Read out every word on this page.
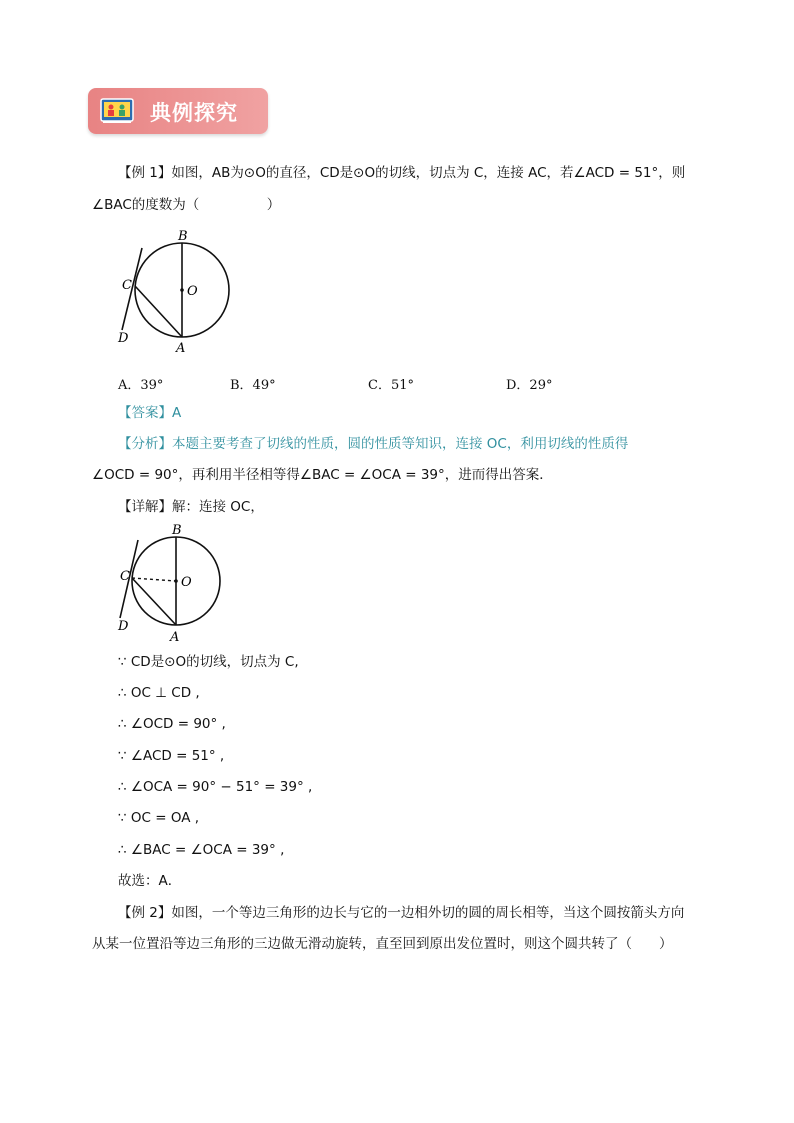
典例探究
【例 1】如图，AB为⊙O的直径，CD是⊙O的切线，切点为 C，连接 AC，若∠ACD = 51°，则
∠BAC的度数为（　　　　　）
B
C	O
D
A
A．39°	B．49°	C．51°	D．29°
【答案】A
【分析】本题主要考查了切线的性质，圆的性质等知识，连接 OC，利用切线的性质得
∠OCD = 90°，再利用半径相等得∠BAC = ∠OCA = 39°，进而得出答案．
【详解】解：连接 OC，
B
C	O
D
A
∵ CD是⊙O的切线，切点为 C,
∴ OC ⊥ CD ,
∴ ∠OCD = 90° ,
∵ ∠ACD = 51° ,
∴ ∠OCA = 90° − 51° = 39° ,
∵ OC = OA ,
∴ ∠BAC = ∠OCA = 39° ,
故选：A．
【例 2】如图，一个等边三角形的边长与它的一边相外切的圆的周长相等，当这个圆按箭头方向
从某一位置沿等边三角形的三边做无滑动旋转，直至回到原出发位置时，则这个圆共转了（　　）
